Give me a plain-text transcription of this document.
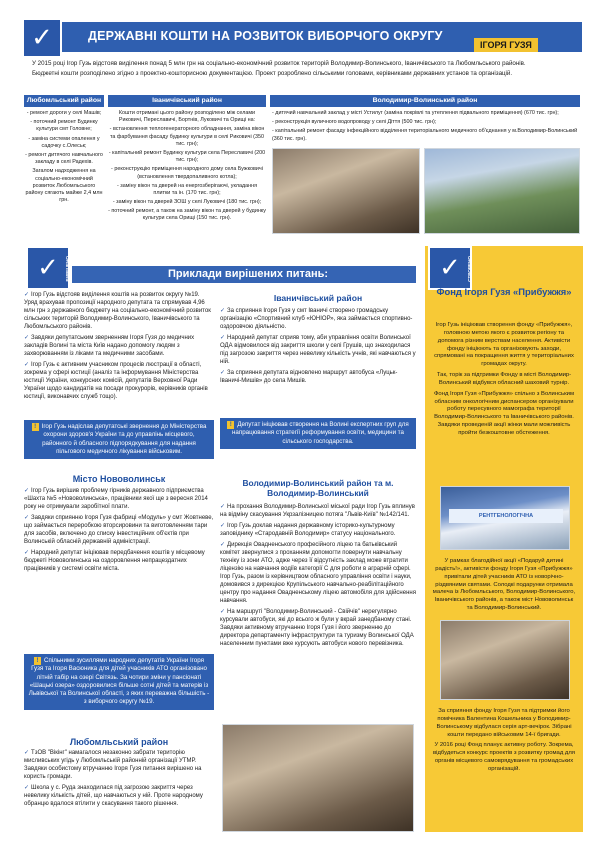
✓	ДЕРЖАВНІ КОШТИ НА РОЗВИТОК ВИБОРЧОГО ОКРУГУ
ІГОРЯ ГУЗЯ

У 2015 році Ігор Гузь відстояв виділення понад 5 млн грн на соціально-економічний розвиток територій Володимир-Волинського, Іваничівського та Любомльського районів.

Бюджетні кошти розподілено згідно з проектно-кошторисною документацією. Проект розроблено сільськими головами, керівниками державних установ та організацій.

Любомльський район	Іваничівський район	Володимир-Волинський район

- ремонт дороги у селі Машів;

- поточний ремонт Будинку культури смт Головне;

- заміна системи опалення у садочку с.Олеськ;

- ремонт дитячого навчального закладу в селі Радехів.

Загалом надходження на соціально-економічний розвиток Любомльського району сягають майже 2,4 млн грн.

Кошти отримані цього району розподілено між селами Риковичі, Переславичі, Бортнів, Луковичі та Орищі на:

- встановлення теплогенераторного обладнання, заміна вікон та фарбування фасаду будинку культури в селі Риковичі (350 тис. грн);

- капітальний ремонт Будинку культури села Переславичі (200 тис. грн);

- реконструкцію приміщення народного дому села Бужковичі (встановлення твердопаливного котла);

- заміну вікон та дверей на енергозберігаючі, укладання плитки та ін. (170 тис. грн);

- заміну вікон та дверей ЗОШ у селі Луковичі (180 тис. грн);

- поточний ремонт, а також на заміну вікон та дверей у будинку культури села Орищі (150 тис. грн).

- дитячий навчальний заклад у місті Устилуг (заміна покрівлі та утеплення підвального приміщення) (670 тис. грн);

- реконструкція вуличного водопроводу у селі Діття (500 тис. грн);

- капітальний ремонт фасаду інфекційного відділення територіального медичного об'єднання у м.Володимир-Волинський (360 тис. грн).

✓ ВИРІШЕНО	Приклади вирішених питань:

✓ Ігор Гузь відстояв виділення коштів на розвиток округу №19. Уряд врахував пропозиції народного депутата та спрямував 4,96 млн грн з державного бюджету на соціально-економічний розвиток сільських територій Володимир-Волинського, Іваничівського та Любомльського районів.

✓ Завдяки депутатським зверненням Ігоря Гузя до медичних закладів Волині та міста Київ надано допомогу людям з захворюванням із ліками та медичними засобами.

✓ Ігор Гузь є активним учасником процесів люстрації в області, зокрема у сфері юстиції (аналіз та інформування Міністерства юстиції України, конкурсних комісій, депутатів Верховної Ради України щодо кандидатів на посади прокурорів, керівників органів юстиції, виконавчих служб тощо).

! Ігор Гузь надіслав депутатські звернення до Міністерства охорони здоров'я України та до управлінь місцевого, районного й обласного підпорядкування для надання пільгового медичного лікування військовим.
Місто Нововолинськ

✓ Ігор Гузь вирішив проблему гірників державного підприємства «Шахта №5 «Нововолинська», працівники якої ще з вересня 2014 року не отримували заробітної плати.

✓ Завдяки сприянню Ігоря Гузя фабриці «Модуль» у смт Жовтневе, що займається переробкою вторсировини та виготовленням тари для засобів, включено до списку інвестиційних об'єктів при Волинській обласній державній адміністрації.

✓ Народний депутат ініціював передбачення коштів у місцевому бюджеті Нововолинська на оздоровлення непрацездатних працівників у системі освіти міста.

! Спільними зусиллями народних депутатів України Ігоря Гузя та Ігоря Васюника для дітей учасників АТО організовано літній табір на озері Світязь. За чотири зміни у пансіонаті «Шацькі озера» оздоровилися більше сотні дітей та матерів із Львівської та Волинської області, з яких переважна більшість - з виборчого округу №19.
Любомльський район

✓ ТзОВ "Вікінг" намагалося незаконно забрати територію мисливських угідь у Любомльській районній організації УТМР. Завдяки особистому втручанню Ігоря Гузя питання вирішено на користь громади.

✓ Школа у с. Руда знаходилася під загрозою закриття через невелику кількість дітей, що навчаються у ній. Проте народному обранцю вдалося втілити у скасування такого рішення.

Іваничівський район

✓ За сприяння Ігоря Гузя у смт Іваничі створено громадську організацію «Спортивний клуб «ЮНІОР», яка займається спортивно-оздоровчою діяльністю.

✓ Народний депутат сприяв тому, аби управління освіти Волинської ОДА відмовилося від закриття школи у селі Грушів, що знаходилася під загрозою закриття через невелику кількість учнів, які навчаються у ній.

✓ За сприяння депутата відновлено маршрут автобуса «Луцьк-Іваничі-Мишів» до села Мишів.

! Депутат ініціював створення на Волині експертних груп для напрацювання стратегії реформування освіти, медицини та сільського господарства.
Володимир-Волинський район та м. Володимир-Волинський

✓ На прохання Володимир-Волинської міської ради Ігор Гузь вплинув на відміну скасування Укрзалізницею потяга "Львів-Київ" №142/141.

✓ Ігор Гузь доклав надання державному історико-культурному заповіднику «Стародавній Володимир» статусу національного.

✓ Дирекція Овадненського професійного ліцею та батьківський комітет звернулися з проханням допомогти повернути навчальну техніку із зони АТО, адже через її відсутність заклад може втратити ліцензію на навчання водіїв категорії С для роботи в аграрній сфері. Ігор Гузь, разом із керівництвом обласного управління освіти і науки, домовився з дирекцією Крупільського навчально-реабілітаційного центру про надання Овадненському ліцею автомобіля для здійснення навчання.

✓ На маршруті "Володимир-Волинський - Свійчів" нерегулярно курсували автобуси, які до всього ж були у вкрай занедбаному стані. Завдяки активному втручанню Ігоря Гузя і його зверненню до директора департаменту інфраструктури та туризму Волинської ОДА населенним пунктами вже курсують автобуси нового перевізника.

✓ СТВОРЕНО
Фонд Ігоря Гузя «Прибужжя»

Ігор Гузь ініціював створення фонду «Прибужжя», головною метою якого є розвиток регіону та допомога різним верствам населення. Активісти фонду ініціюють та організовують заходи, спрямовані на покращення життя у територіальних громадах округу.

Так, торік за підтримки Фонду в місті Володимир-Волинський відбувся обласний шаховий турнір.

Фонд Ігоря Гузя «Прибужжя» спільно з Волинським обласним онкологічним диспансером організували роботу пересувного мамографа території Володимир-Волинського та Іваничівського районів. Завдяки проведеній акції жінки мали можливість пройти безкоштовне обстеження.

РЕНТГЕНОЛОГІЧНА

У рамках благодійної акції «Подаруй дитині радість!», активісти фонду Ігоря Гузя «Прибужжя» привітали дітей учасників АТО із новорічно-різдвяними святами. Солодкі подарунки отримала малеча із Любомльського, Володимир-Волинського, Іваничівського районів, а також міст Нововолинськ та Володимир-Волинський.

За сприяння фонду Ігоря Гузя та підтримки його помічника Валентина Кошельника у Володимир-Волинському відбулася серія арт-вечірок. Зібрані кошти передано військовим 14-ї бригади.

У 2016 році Фонд планує активну роботу. Зокрема, відбудеться конкурс проектів з розвитку громад для органів місцевого самоврядування та громадських організацій.
